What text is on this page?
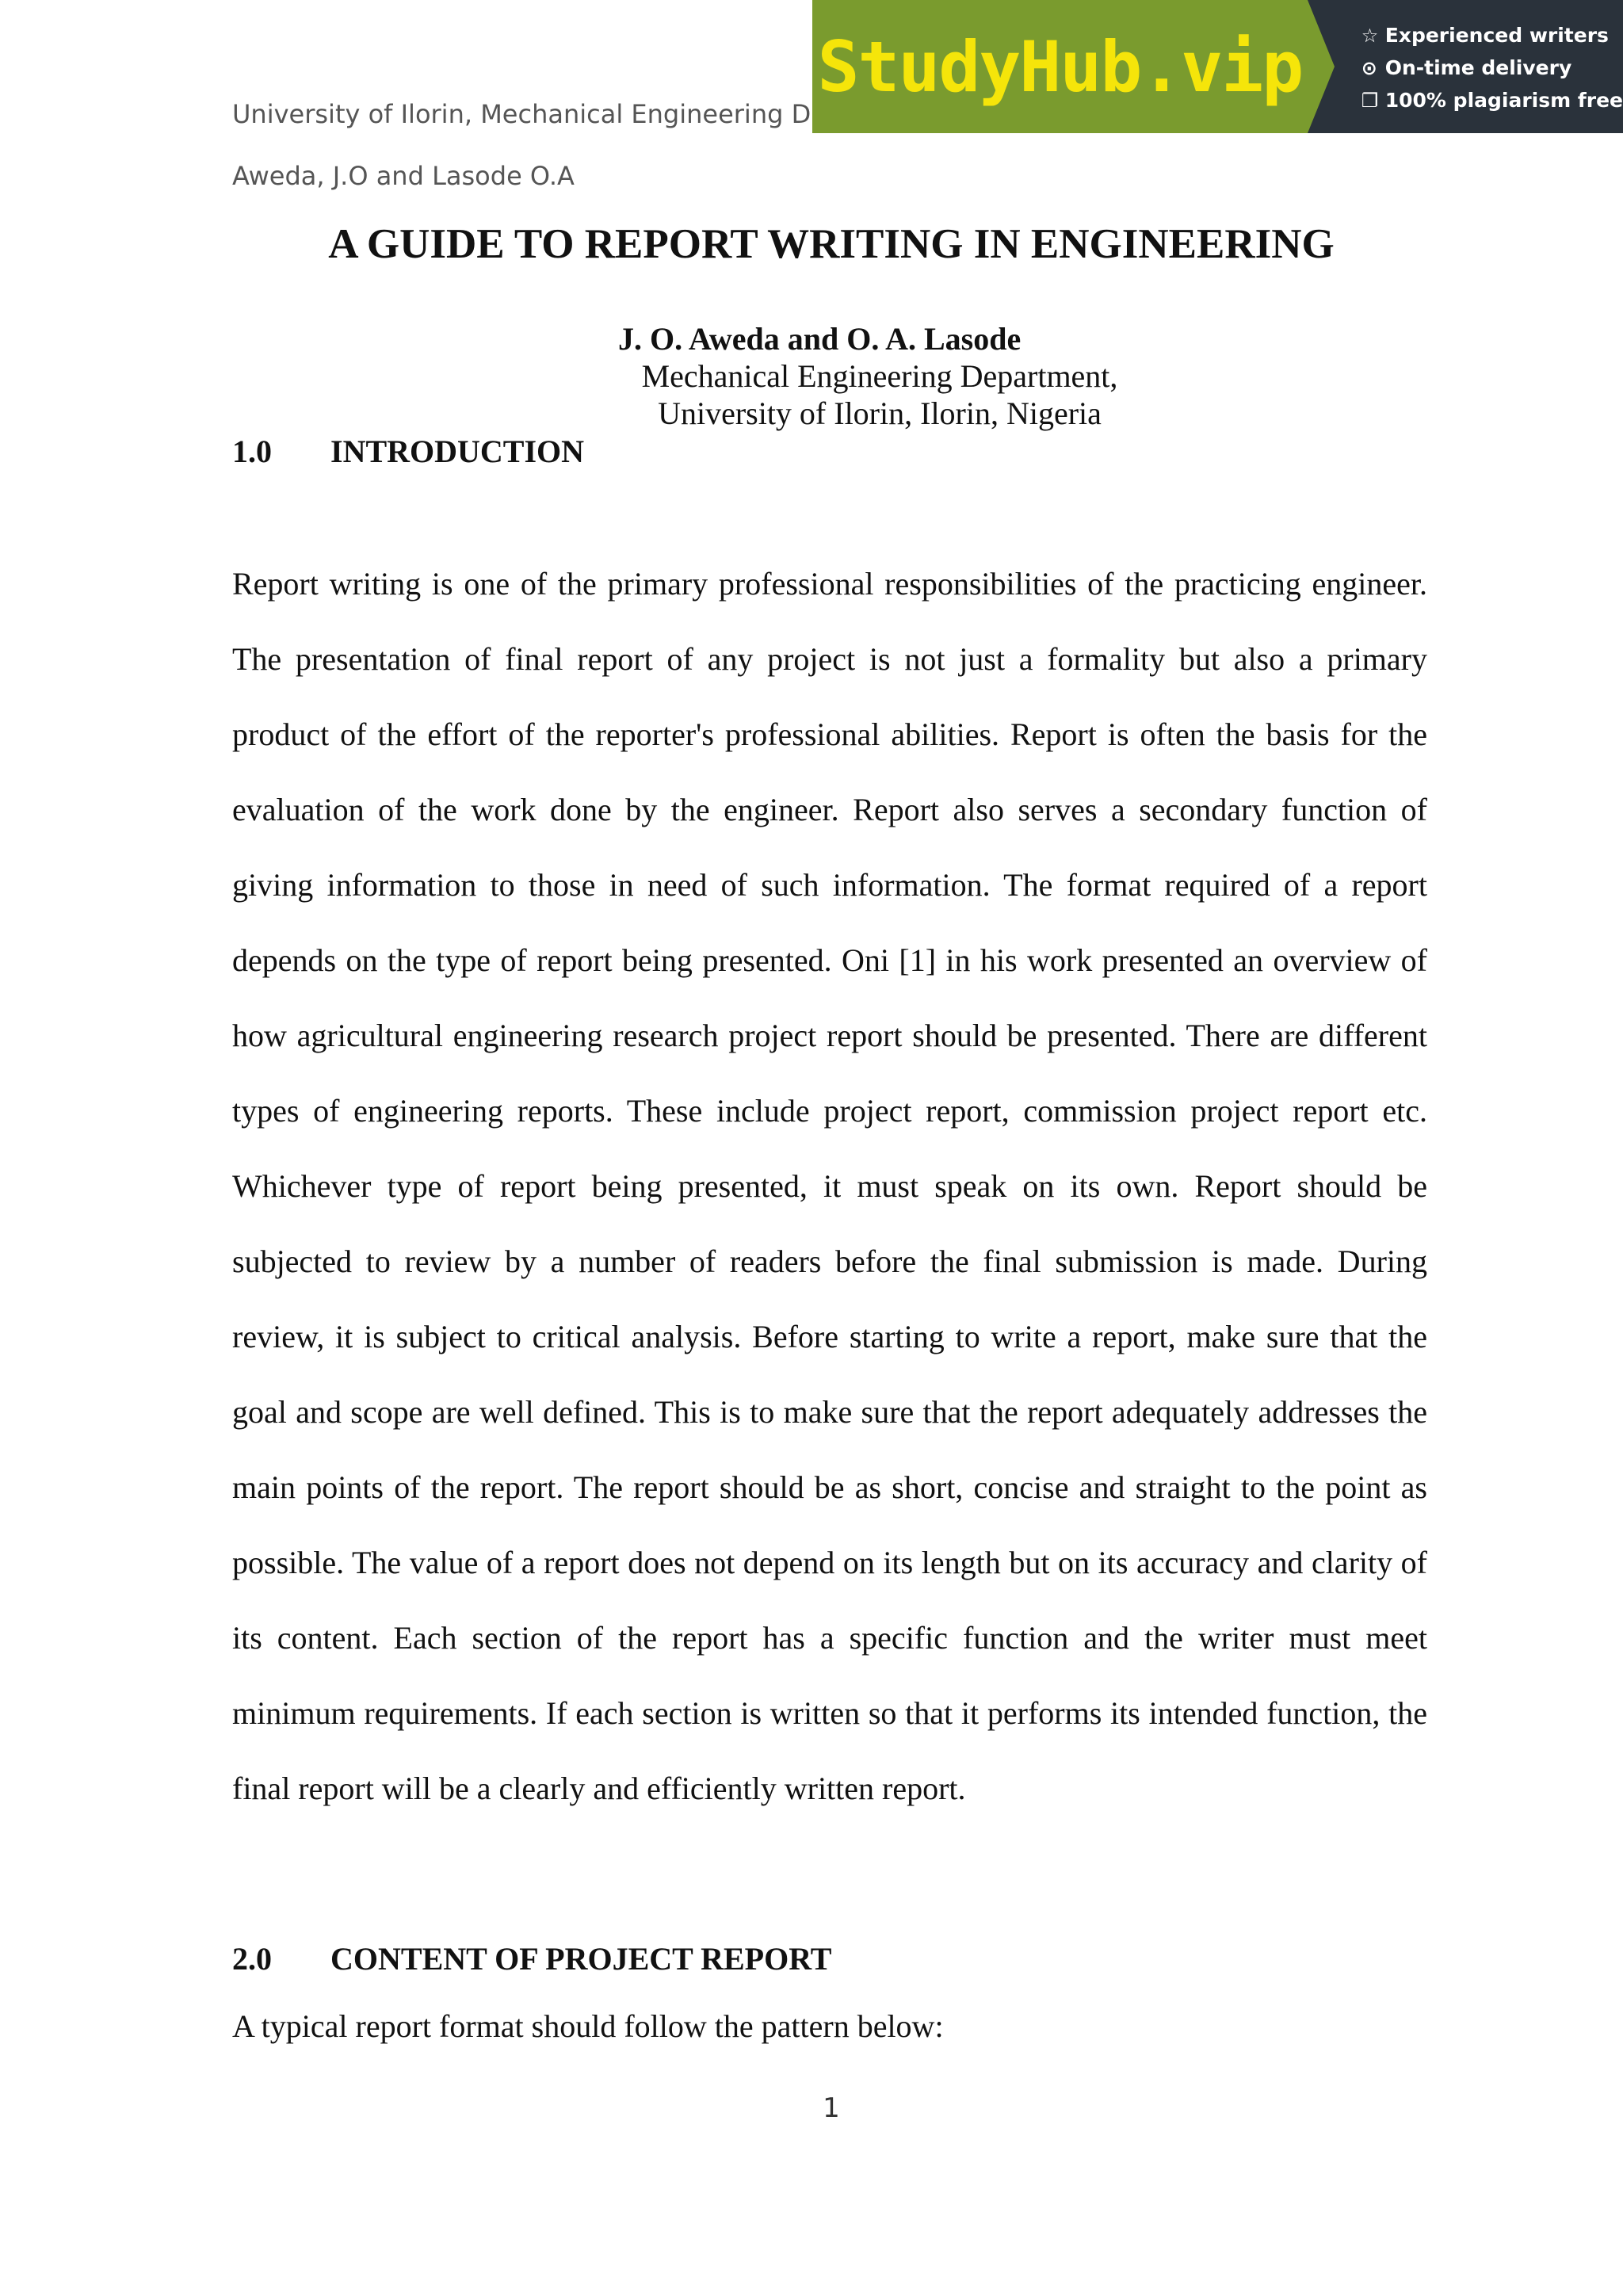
University of Ilorin, Mechanical Engineering D
Aweda, J.O and Lasode O.A
StudyHub.vip	☆ Experienced writers
⊙ On-time delivery
❐ 100% plagiarism free
A GUIDE TO REPORT WRITING IN ENGINEERING
J. O. Aweda and O. A. Lasode
Mechanical Engineering Department,
University of Ilorin, Ilorin, Nigeria
1.0 INTRODUCTION

Report writing is one of the primary professional responsibilities of the practicing engineer. The presentation of final report of any project is not just a formality but also a primary product of the effort of the reporter's professional abilities. Report is often the basis for the evaluation of the work done by the engineer. Report also serves a secondary function of giving information to those in need of such information. The format required of a report depends on the type of report being presented. Oni [1] in his work presented an overview of how agricultural engineering research project report should be presented. There are different types of engineering reports. These include project report, commission project report etc. Whichever type of report being presented, it must speak on its own. Report should be subjected to review by a number of readers before the final submission is made. During review, it is subject to critical analysis. Before starting to write a report, make sure that the goal and scope are well defined. This is to make sure that the report adequately addresses the main points of the report. The report should be as short, concise and straight to the point as possible. The value of a report does not depend on its length but on its accuracy and clarity of its content. Each section of the report has a specific function and the writer must meet minimum requirements. If each section is written so that it performs its intended function, the final report will be a clearly and efficiently written report.

2.0 CONTENT OF PROJECT REPORT
A typical report format should follow the pattern below:
1
